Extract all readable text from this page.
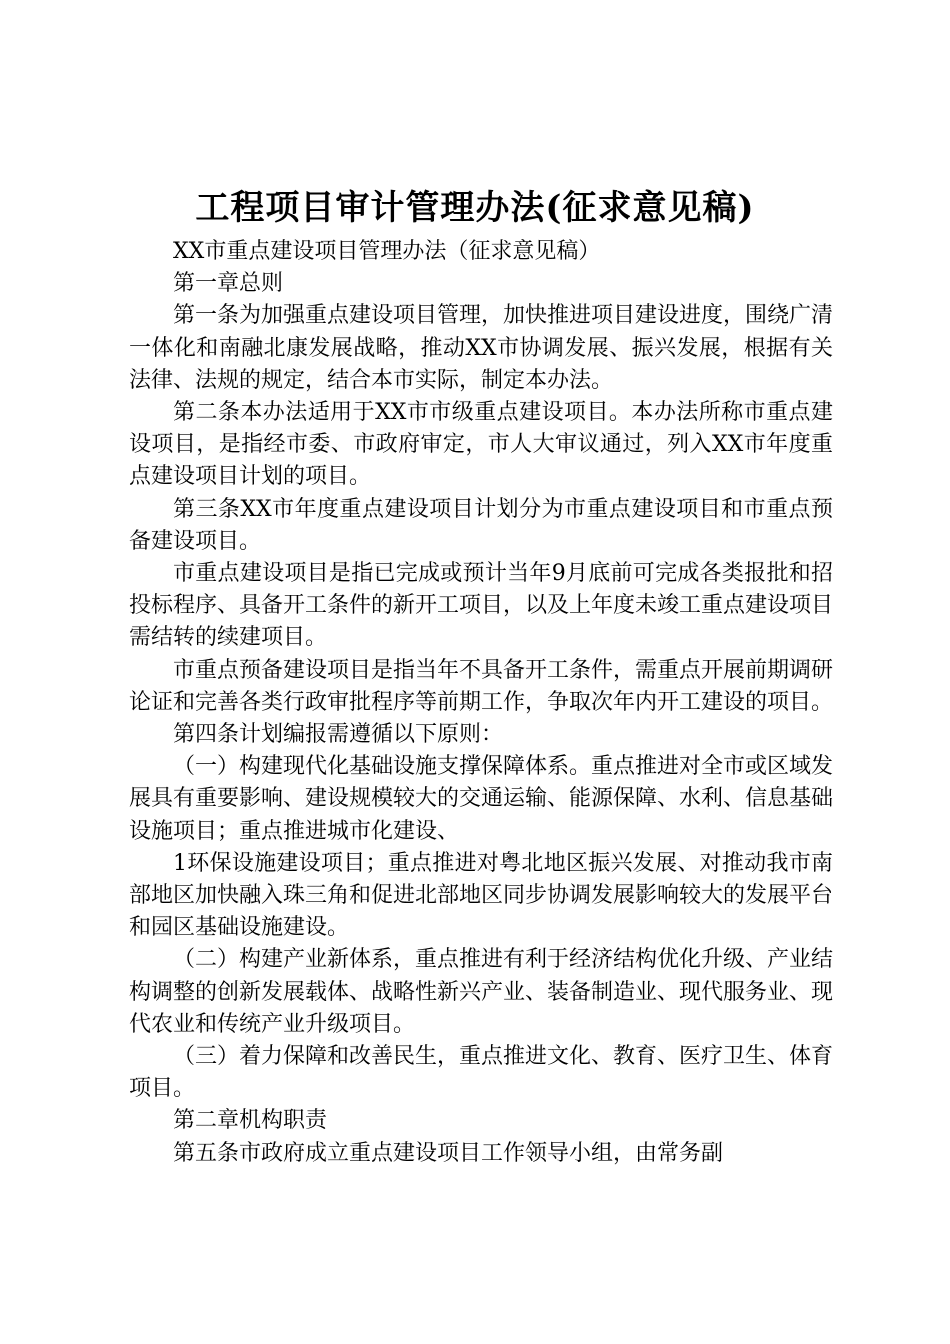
工程项目审计管理办法(征求意见稿)

XX市重点建设项目管理办法（征求意见稿）

第一章总则

第一条为加强重点建设项目管理，加快推进项目建设进度，围绕广清一体化和南融北康发展战略，推动XX市协调发展、振兴发展，根据有关法律、法规的规定，结合本市实际，制定本办法。

第二条本办法适用于XX市市级重点建设项目。本办法所称市重点建设项目，是指经市委、市政府审定，市人大审议通过，列入XX市年度重点建设项目计划的项目。

第三条XX市年度重点建设项目计划分为市重点建设项目和市重点预备建设项目。

市重点建设项目是指已完成或预计当年9月底前可完成各类报批和招投标程序、具备开工条件的新开工项目，以及上年度未竣工重点建设项目需结转的续建项目。

市重点预备建设项目是指当年不具备开工条件，需重点开展前期调研论证和完善各类行政审批程序等前期工作，争取次年内开工建设的项目。

第四条计划编报需遵循以下原则：

（一）构建现代化基础设施支撑保障体系。重点推进对全市或区域发展具有重要影响、建设规模较大的交通运输、能源保障、水利、信息基础设施项目；重点推进城市化建设、

1环保设施建设项目；重点推进对粤北地区振兴发展、对推动我市南部地区加快融入珠三角和促进北部地区同步协调发展影响较大的发展平台和园区基础设施建设。

（二）构建产业新体系，重点推进有利于经济结构优化升级、产业结构调整的创新发展载体、战略性新兴产业、装备制造业、现代服务业、现代农业和传统产业升级项目。

（三）着力保障和改善民生，重点推进文化、教育、医疗卫生、体育项目。

第二章机构职责

第五条市政府成立重点建设项目工作领导小组，由常务副
